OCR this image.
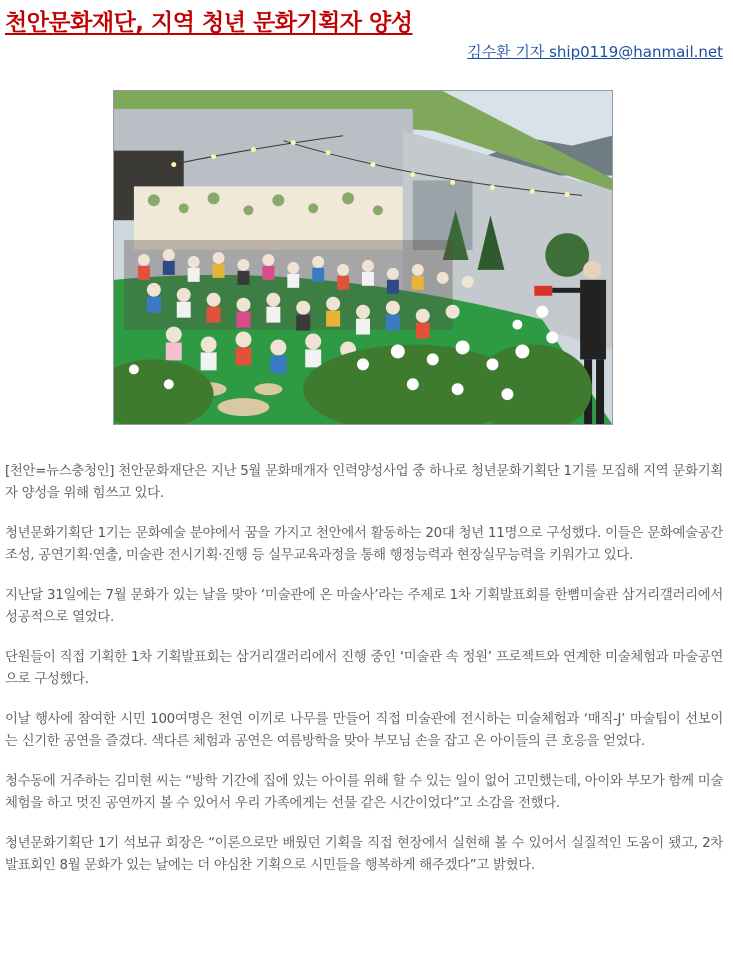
천안문화재단, 지역 청년 문화기획자 양성
김수환 기자 ship0119@hanmail.net

[천안=뉴스충청인] 천안문화재단은 지난 5월 문화매개자 인력양성사업 중 하나로 청년문화기획단 1기를 모집해 지역 문화기획자 양성을 위해 힘쓰고 있다.

청년문화기획단 1기는 문화예술 분야에서 꿈을 가지고 천안에서 활동하는 20대 청년 11명으로 구성했다. 이들은 문화예술공간 조성, 공연기획·연출, 미술관 전시기획·진행 등 실무교육과정을 통해 행정능력과 현장실무능력을 키워가고 있다.

지난달 31일에는 7월 문화가 있는 날을 맞아 ‘미술관에 온 마술사’라는 주제로 1차 기획발표회를 한뼘미술관 삼거리갤러리에서 성공적으로 열었다.

단원들이 직접 기획한 1차 기획발표회는 삼거리갤러리에서 진행 중인 ‘미술관 속 정원’ 프로젝트와 연계한 미술체험과 마술공연으로 구성했다.

이날 행사에 참여한 시민 100여명은 천연 이끼로 나무를 만들어 직접 미술관에 전시하는 미술체험과 ‘매직-J’ 마술팀이 선보이는 신기한 공연을 즐겼다. 색다른 체험과 공연은 여름방학을 맞아 부모님 손을 잡고 온 아이들의 큰 호응을 얻었다.

청수동에 거주하는 김미현 씨는 “방학 기간에 집에 있는 아이를 위해 할 수 있는 일이 없어 고민했는데, 아이와 부모가 함께 미술체험을 하고 멋진 공연까지 볼 수 있어서 우리 가족에게는 선물 같은 시간이었다”고 소감을 전했다.

청년문화기획단 1기 석보규 회장은 “이론으로만 배웠던 기획을 직접 현장에서 실현해 볼 수 있어서 실질적인 도움이 됐고, 2차 발표회인 8월 문화가 있는 날에는 더 야심찬 기획으로 시민들을 행복하게 해주겠다”고 밝혔다.
